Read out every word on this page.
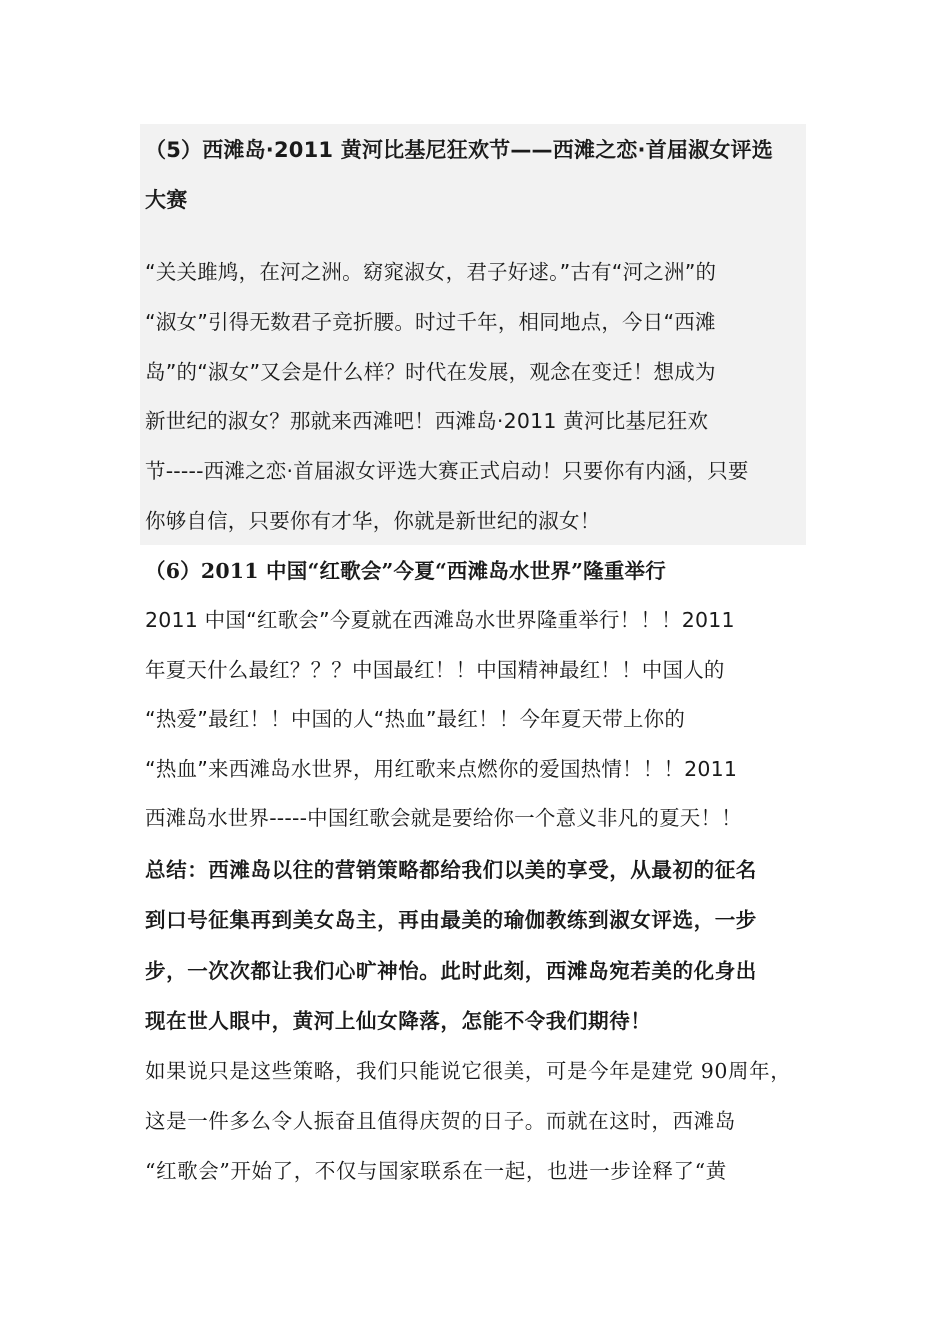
（5）西滩岛·2011 黄河比基尼狂欢节——西滩之恋·首届淑女评选
大赛
“关关雎鸠，在河之洲。窈窕淑女，君子好逑。”古有“河之洲”的
“淑女”引得无数君子竞折腰。时过千年，相同地点，今日“西滩
岛”的“淑女”又会是什么样？时代在发展，观念在变迁！想成为
新世纪的淑女？那就来西滩吧！西滩岛·2011 黄河比基尼狂欢
节-----西滩之恋·首届淑女评选大赛正式启动！只要你有内涵，只要
你够自信，只要你有才华，你就是新世纪的淑女！
（6）2011 中国“红歌会”今夏“西滩岛水世界”隆重举行
2011 中国“红歌会”今夏就在西滩岛水世界隆重举行！！！2011
年夏天什么最红？？？中国最红！！中国精神最红！！中国人的
“热爱”最红！！中国的人“热血”最红！！今年夏天带上你的
“热血”来西滩岛水世界，用红歌来点燃你的爱国热情！！！2011
西滩岛水世界-----中国红歌会就是要给你一个意义非凡的夏天！！
总结：西滩岛以往的营销策略都给我们以美的享受，从最初的征名
到口号征集再到美女岛主，再由最美的瑜伽教练到淑女评选，一步
步，一次次都让我们心旷神怡。此时此刻，西滩岛宛若美的化身出
现在世人眼中，黄河上仙女降落，怎能不令我们期待！
如果说只是这些策略，我们只能说它很美，可是今年是建党 90周年，
这是一件多么令人振奋且值得庆贺的日子。而就在这时，西滩岛
“红歌会”开始了，不仅与国家联系在一起，也进一步诠释了“黄
